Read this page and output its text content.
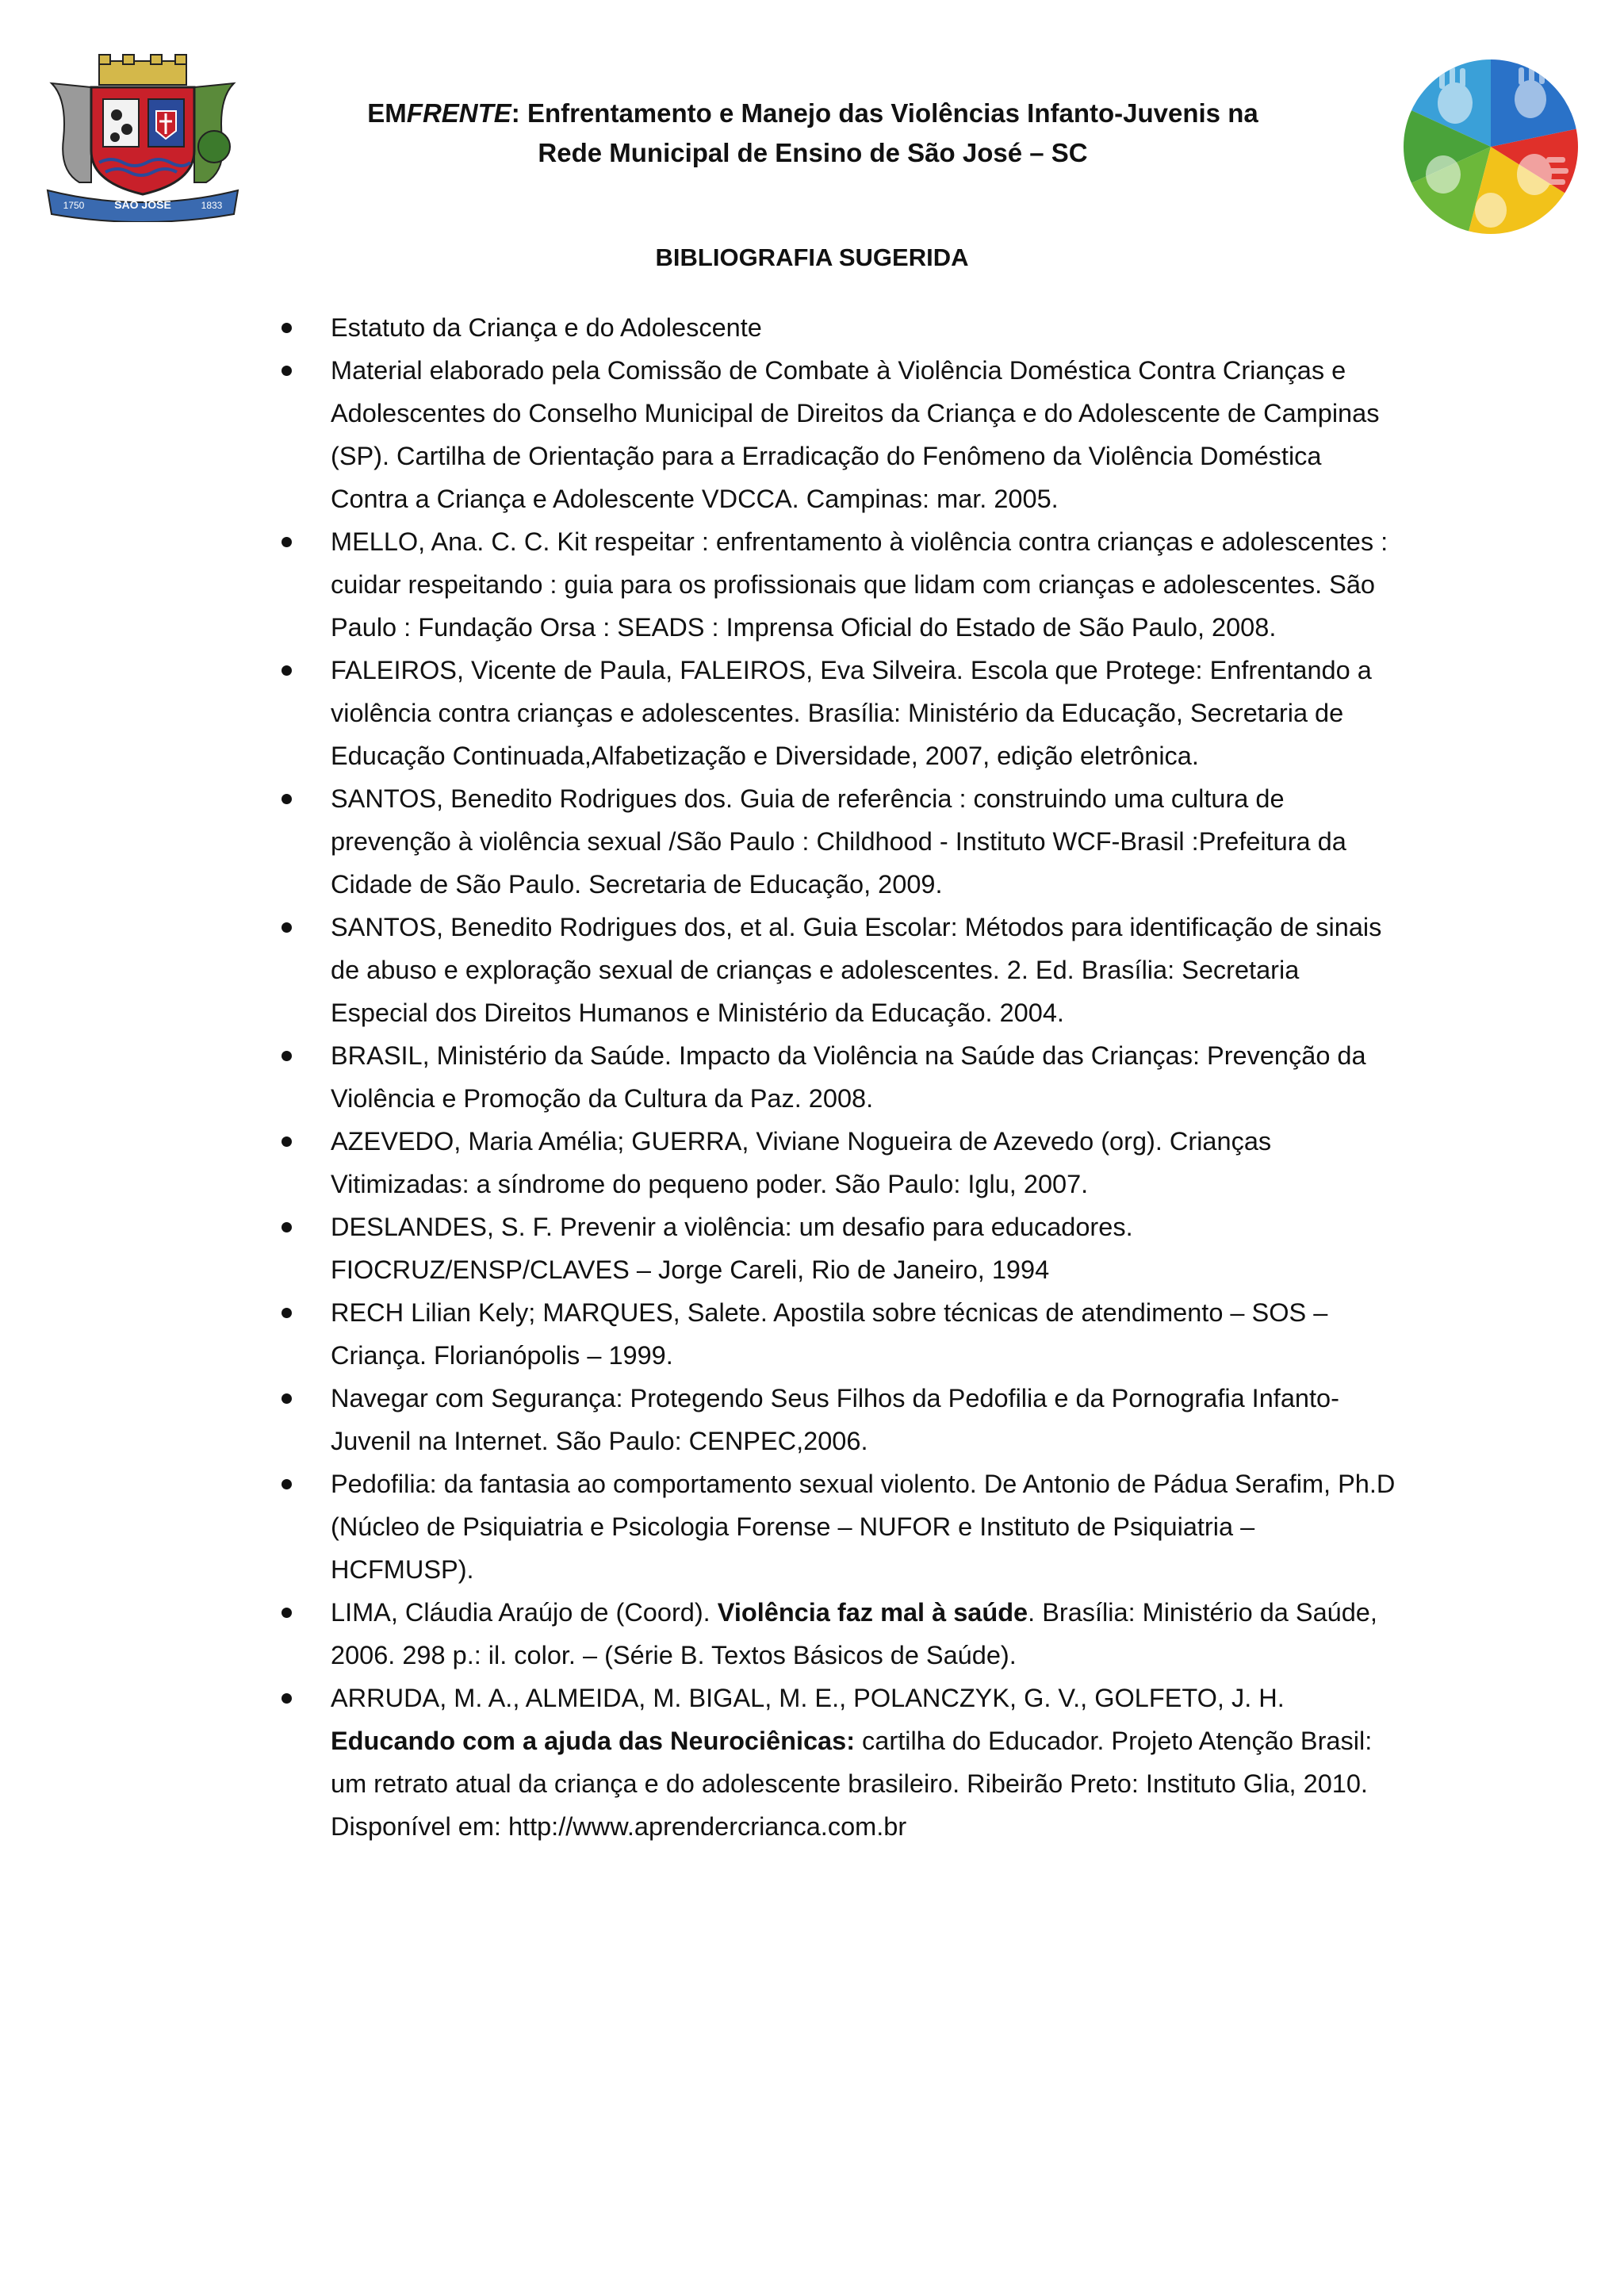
SÃO JOSÉ
1750	1833
EMFRENTE: Enfrentamento e Manejo das Violências Infanto-Juvenis na
Rede Municipal de Ensino de São José – SC
BIBLIOGRAFIA SUGERIDA
Estatuto da Criança e do Adolescente
Material elaborado pela Comissão de Combate à Violência Doméstica Contra Crianças e Adolescentes do Conselho Municipal de Direitos da Criança e do Adolescente de Campinas (SP). Cartilha de Orientação para a Erradicação do Fenômeno da Violência Doméstica Contra a Criança e Adolescente VDCCA. Campinas: mar. 2005.
MELLO, Ana. C. C. Kit respeitar : enfrentamento à violência contra crianças e adolescentes : cuidar respeitando : guia para os profissionais que lidam com crianças e adolescentes. São Paulo : Fundação Orsa : SEADS : Imprensa Oficial do Estado de São Paulo, 2008.
FALEIROS, Vicente de Paula, FALEIROS, Eva Silveira. Escola que Protege: Enfrentando a violência contra crianças e adolescentes. Brasília: Ministério da Educação, Secretaria de Educação Continuada,Alfabetização e Diversidade, 2007, edição eletrônica.
SANTOS, Benedito Rodrigues dos. Guia de referência : construindo uma cultura de prevenção à violência sexual /São Paulo : Childhood - Instituto WCF-Brasil :Prefeitura da Cidade de São Paulo. Secretaria de Educação, 2009.
SANTOS, Benedito Rodrigues dos, et al. Guia Escolar: Métodos para identificação de sinais de abuso e exploração sexual de crianças e adolescentes. 2. Ed. Brasília: Secretaria Especial dos Direitos Humanos e Ministério da Educação. 2004.
BRASIL, Ministério da Saúde. Impacto da Violência na Saúde das Crianças: Prevenção da Violência e Promoção da Cultura da Paz. 2008.
AZEVEDO, Maria Amélia; GUERRA, Viviane Nogueira de Azevedo (org). Crianças Vitimizadas: a síndrome do pequeno poder. São Paulo: Iglu, 2007.
DESLANDES, S. F. Prevenir a violência: um desafio para educadores. FIOCRUZ/ENSP/CLAVES – Jorge Careli, Rio de Janeiro, 1994
RECH Lilian Kely; MARQUES, Salete. Apostila sobre técnicas de atendimento – SOS – Criança. Florianópolis – 1999.
Navegar com Segurança: Protegendo Seus Filhos da Pedofilia e da Pornografia Infanto-Juvenil na Internet. São Paulo: CENPEC,2006.
Pedofilia: da fantasia ao comportamento sexual violento. De Antonio de Pádua Serafim, Ph.D (Núcleo de Psiquiatria e Psicologia Forense – NUFOR e Instituto de Psiquiatria – HCFMUSP).
LIMA, Cláudia Araújo de (Coord). Violência faz mal à saúde. Brasília: Ministério da Saúde, 2006. 298 p.: il. color. – (Série B. Textos Básicos de Saúde).
ARRUDA, M. A., ALMEIDA, M. BIGAL, M. E., POLANCZYK, G. V., GOLFETO, J. H. Educando com a ajuda das Neurociênicas: cartilha do Educador. Projeto Atenção Brasil: um retrato atual da criança e do adolescente brasileiro. Ribeirão Preto: Instituto Glia, 2010. Disponível em: http://www.aprendercrianca.com.br
